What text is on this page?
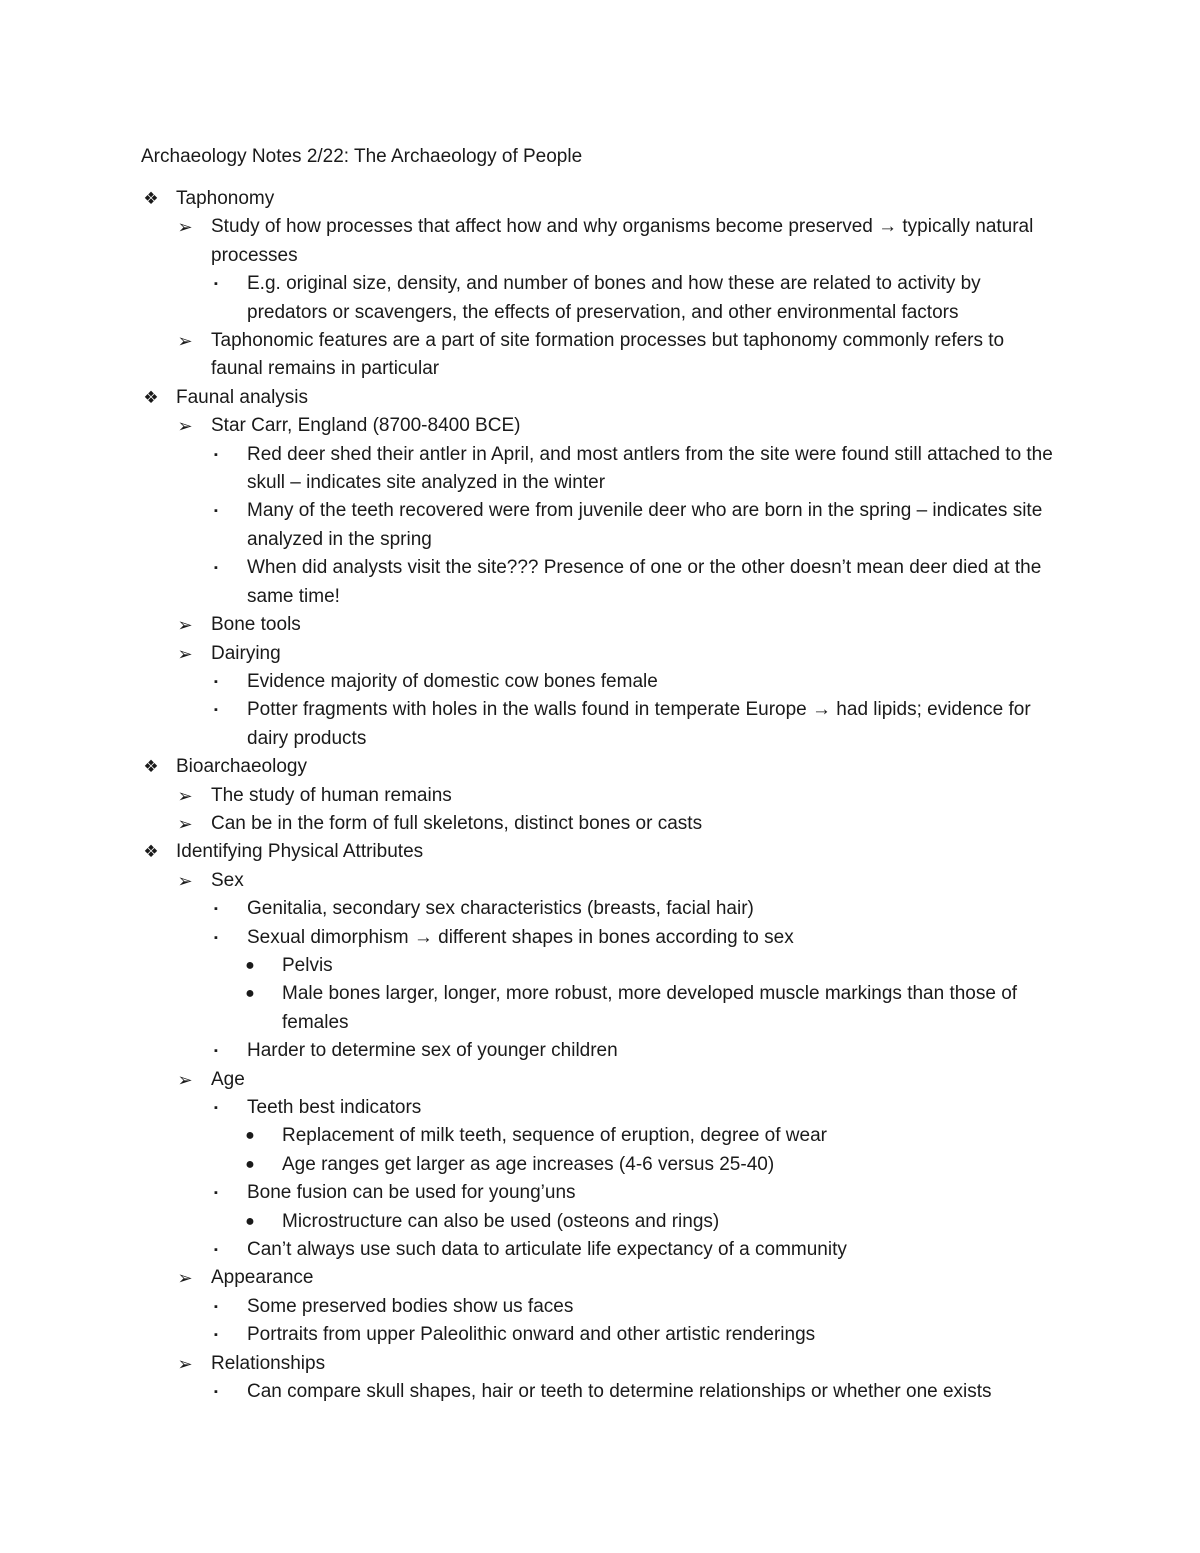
Archaeology Notes 2/22: The Archaeology of People
❖ Taphonomy
➢ Study of how processes that affect how and why organisms become preserved → typically natural processes
▪ E.g. original size, density, and number of bones and how these are related to activity by predators or scavengers, the effects of preservation, and other environmental factors
➢ Taphonomic features are a part of site formation processes but taphonomy commonly refers to faunal remains in particular
❖ Faunal analysis
➢ Star Carr, England (8700-8400 BCE)
▪ Red deer shed their antler in April, and most antlers from the site were found still attached to the skull – indicates site analyzed in the winter
▪ Many of the teeth recovered were from juvenile deer who are born in the spring – indicates site analyzed in the spring
▪ When did analysts visit the site??? Presence of one or the other doesn’t mean deer died at the same time!
➢ Bone tools
➢ Dairying
▪ Evidence majority of domestic cow bones female
▪ Potter fragments with holes in the walls found in temperate Europe → had lipids; evidence for dairy products
❖ Bioarchaeology
➢ The study of human remains
➢ Can be in the form of full skeletons, distinct bones or casts
❖ Identifying Physical Attributes
➢ Sex
▪ Genitalia, secondary sex characteristics (breasts, facial hair)
▪ Sexual dimorphism → different shapes in bones according to sex
● Pelvis
● Male bones larger, longer, more robust, more developed muscle markings than those of females
▪ Harder to determine sex of younger children
➢ Age
▪ Teeth best indicators
● Replacement of milk teeth, sequence of eruption, degree of wear
● Age ranges get larger as age increases (4-6 versus 25-40)
▪ Bone fusion can be used for young’uns
● Microstructure can also be used (osteons and rings)
▪ Can’t always use such data to articulate life expectancy of a community
➢ Appearance
▪ Some preserved bodies show us faces
▪ Portraits from upper Paleolithic onward and other artistic renderings
➢ Relationships
▪ Can compare skull shapes, hair or teeth to determine relationships or whether one exists
